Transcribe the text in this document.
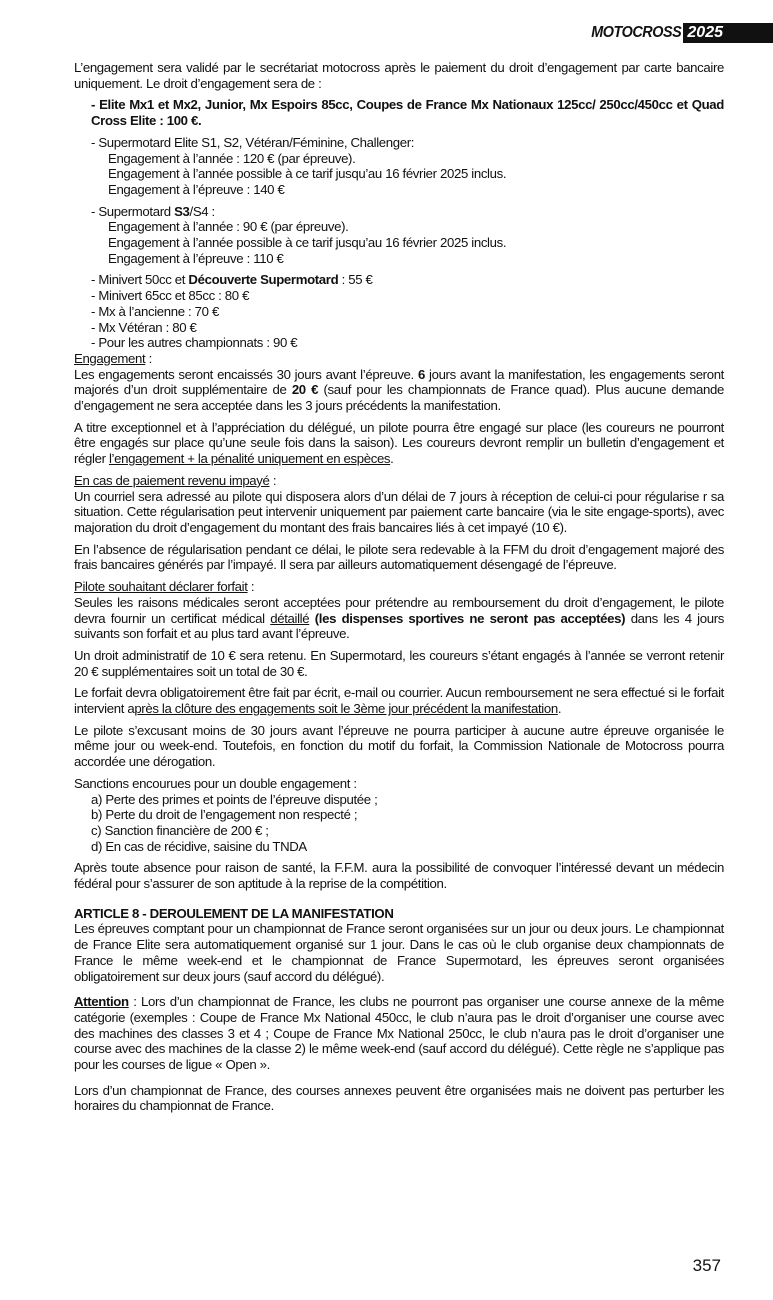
MOTOCROSS 2025

L’engagement sera validé par le secrétariat motocross après le paiement du droit d’engagement par carte bancaire uniquement. Le droit d’engagement sera de :

- Elite Mx1 et Mx2, Junior, Mx Espoirs 85cc, Coupes de France Mx Nationaux 125cc/ 250cc/450cc et Quad Cross Elite : 100 €.

- Supermotard Elite S1, S2, Vétéran/Féminine, Challenger:
Engagement à l’année : 120 € (par épreuve).
Engagement à l’année possible à ce tarif jusqu’au 16 février 2025 inclus.
Engagement à l’épreuve : 140 €
- Supermotard S3/S4 :
Engagement à l’année : 90 € (par épreuve).
Engagement à l’année possible à ce tarif jusqu’au 16 février 2025 inclus.
Engagement à l’épreuve : 110 €
- Minivert 50cc et Découverte Supermotard : 55 €
- Minivert 65cc et 85cc : 80 €
- Mx à l’ancienne : 70 €
- Mx Vétéran : 80 €
- Pour les autres championnats : 90 €
Engagement :

Les engagements seront encaissés 30 jours avant l’épreuve. 6 jours avant la manifestation, les engagements seront majorés d’un droit supplémentaire de 20 € (sauf pour les championnats de France quad). Plus aucune demande d’engagement ne sera acceptée dans les 3 jours précédents la manifestation.

A titre exceptionnel et à l’appréciation du délégué, un pilote pourra être engagé sur place (les coureurs ne pourront être engagés sur place qu’une seule fois dans la saison). Les coureurs devront remplir un bulletin d’engagement et régler l’engagement + la pénalité uniquement en espèces.

En cas de paiement revenu impayé :

Un courriel sera adressé au pilote qui disposera alors d’un délai de 7 jours à réception de celui-ci pour régularise r sa situation. Cette régularisation peut intervenir uniquement par paiement carte bancaire (via le site engage-sports), avec majoration du droit d’engagement du montant des frais bancaires liés à cet impayé (10 €).

En l’absence de régularisation pendant ce délai, le pilote sera redevable à la FFM du droit d’engagement majoré des frais bancaires générés par l’impayé. Il sera par ailleurs automatiquement désengagé de l’épreuve.

Pilote souhaitant déclarer forfait :

Seules les raisons médicales seront acceptées pour prétendre au remboursement du droit d’engagement, le pilote devra fournir un certificat médical détaillé (les dispenses sportives ne seront pas acceptées) dans les 4 jours suivants son forfait et au plus tard avant l’épreuve.

Un droit administratif de 10 € sera retenu. En Supermotard, les coureurs s’étant engagés à l’année se verront retenir 20 € supplémentaires soit un total de 30 €.

Le forfait devra obligatoirement être fait par écrit, e-mail ou courrier. Aucun remboursement ne sera effectué si le forfait intervient après la clôture des engagements soit le 3ème jour précédent la manifestation.

Le pilote s’excusant moins de 30 jours avant l’épreuve ne pourra participer à aucune autre épreuve organisée le même jour ou week-end. Toutefois, en fonction du motif du forfait, la Commission Nationale de Motocross pourra accordée une dérogation.

Sanctions encourues pour un double engagement :
a) Perte des primes et points de l’épreuve disputée ;
b) Perte du droit de l’engagement non respecté ;
c) Sanction financière de 200 € ;
d) En cas de récidive, saisine du TNDA

Après toute absence pour raison de santé, la F.F.M. aura la possibilité de convoquer l’intéressé devant un médecin fédéral pour s’assurer de son aptitude à la reprise de la compétition.

ARTICLE 8 - DEROULEMENT DE LA MANIFESTATION

Les épreuves comptant pour un championnat de France seront organisées sur un jour ou deux jours. Le championnat de France Elite sera automatiquement organisé sur 1 jour. Dans le cas où le club organise deux championnats de France le même week-end et le championnat de France Supermotard, les épreuves seront organisées obligatoirement sur deux jours (sauf accord du délégué).

Attention : Lors d’un championnat de France, les clubs ne pourront pas organiser une course annexe de la même catégorie (exemples : Coupe de France Mx National 450cc, le club n’aura pas le droit d’organiser une course avec des machines des classes 3 et 4 ; Coupe de France Mx National 250cc, le club n’aura pas le droit d’organiser une course avec des machines de la classe 2) le même week-end (sauf accord du délégué). Cette règle ne s’applique pas pour les courses de ligue « Open ».

Lors d’un championnat de France, des courses annexes peuvent être organisées mais ne doivent pas perturber les horaires du championnat de France.

357
